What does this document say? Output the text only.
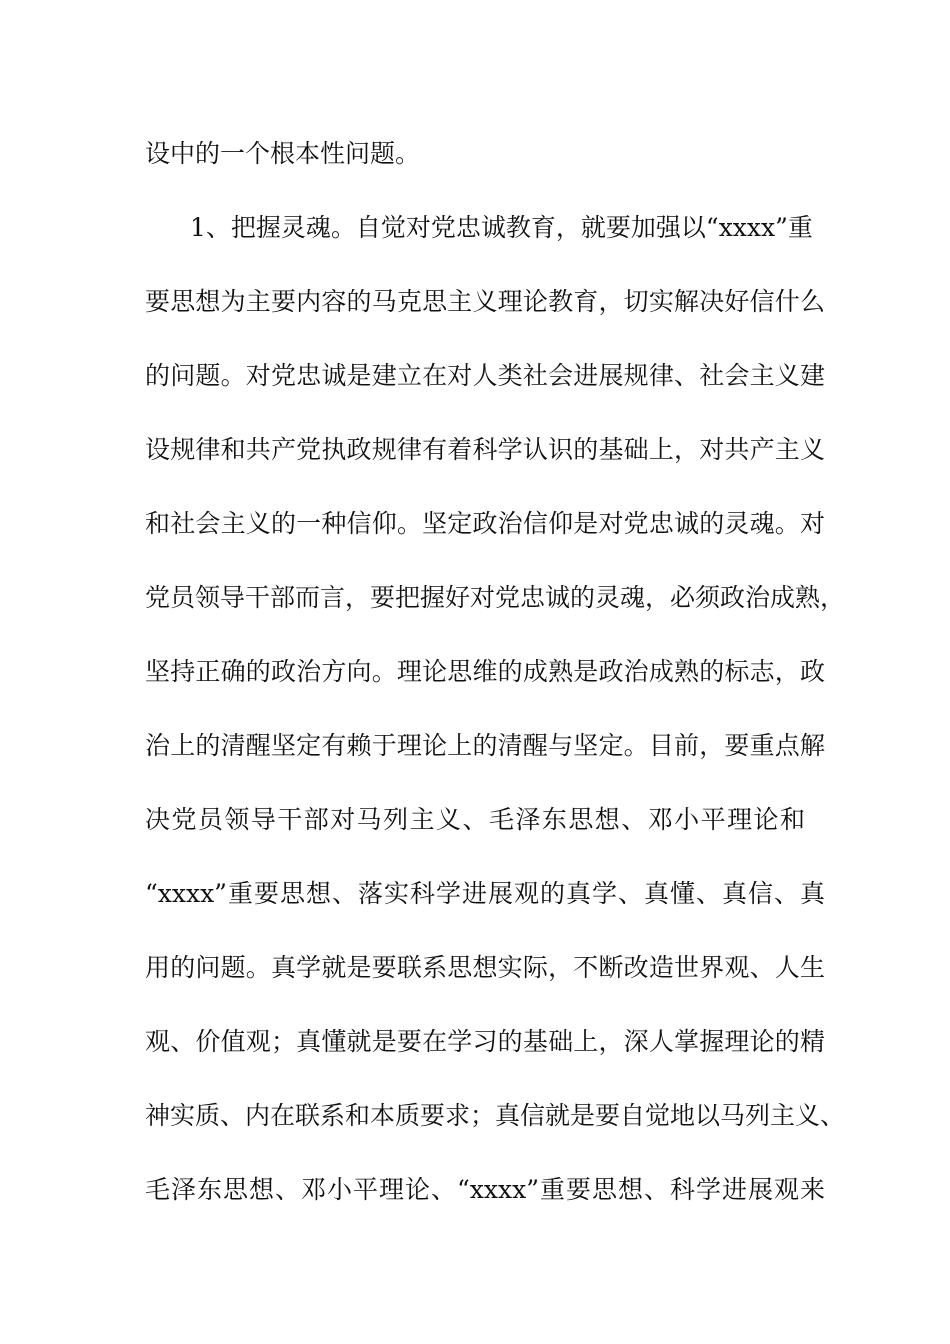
设中的一个根本性问题。
1、把握灵魂。自觉对党忠诚教育，就要加强以“xxxx”重
要思想为主要内容的马克思主义理论教育，切实解决好信什么
的问题。对党忠诚是建立在对人类社会进展规律、社会主义建
设规律和共产党执政规律有着科学认识的基础上，对共产主义
和社会主义的一种信仰。坚定政治信仰是对党忠诚的灵魂。对
党员领导干部而言，要把握好对党忠诚的灵魂，必须政治成熟，
坚持正确的政治方向。理论思维的成熟是政治成熟的标志，政
治上的清醒坚定有赖于理论上的清醒与坚定。目前，要重点解
决党员领导干部对马列主义、毛泽东思想、邓小平理论和
“xxxx”重要思想、落实科学进展观的真学、真懂、真信、真
用的问题。真学就是要联系思想实际，不断改造世界观、人生
观、价值观；真懂就是要在学习的基础上，深人掌握理论的精
神实质、内在联系和本质要求；真信就是要自觉地以马列主义、
毛泽东思想、邓小平理论、“xxxx”重要思想、科学进展观来
